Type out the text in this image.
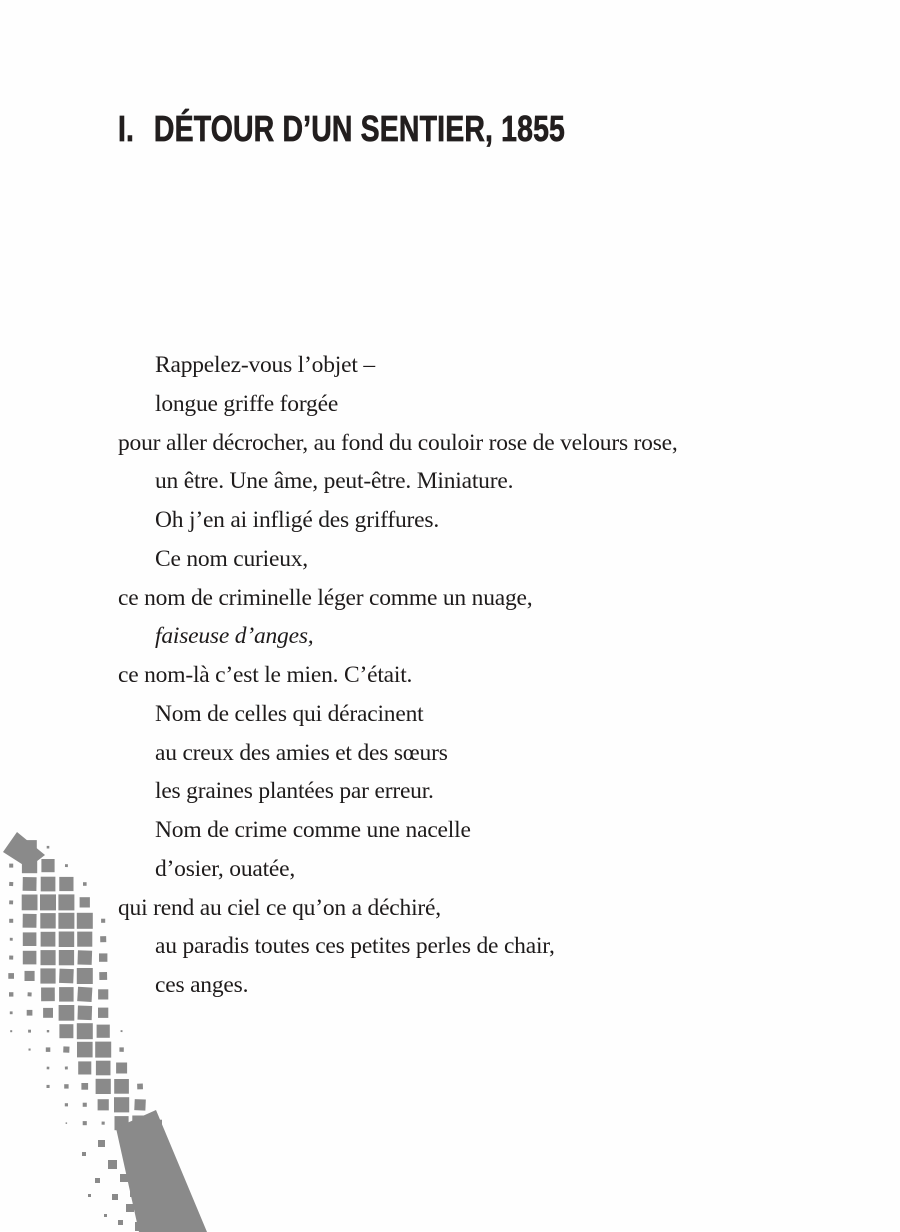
I. DÉTOUR D’UN SENTIER, 1855
Rappelez-vous l’objet –
longue griffe forgée
pour aller décrocher, au fond du couloir rose de velours rose,
un être. Une âme, peut-être. Miniature.
Oh j’en ai infligé des griffures.
Ce nom curieux,
ce nom de criminelle léger comme un nuage,
faiseuse d’anges,
ce nom-là c’est le mien. C’était.
Nom de celles qui déracinent
au creux des amies et des sœurs
les graines plantées par erreur.
Nom de crime comme une nacelle
d’osier, ouatée,
qui rend au ciel ce qu’on a déchiré,
au paradis toutes ces petites perles de chair,
ces anges.
